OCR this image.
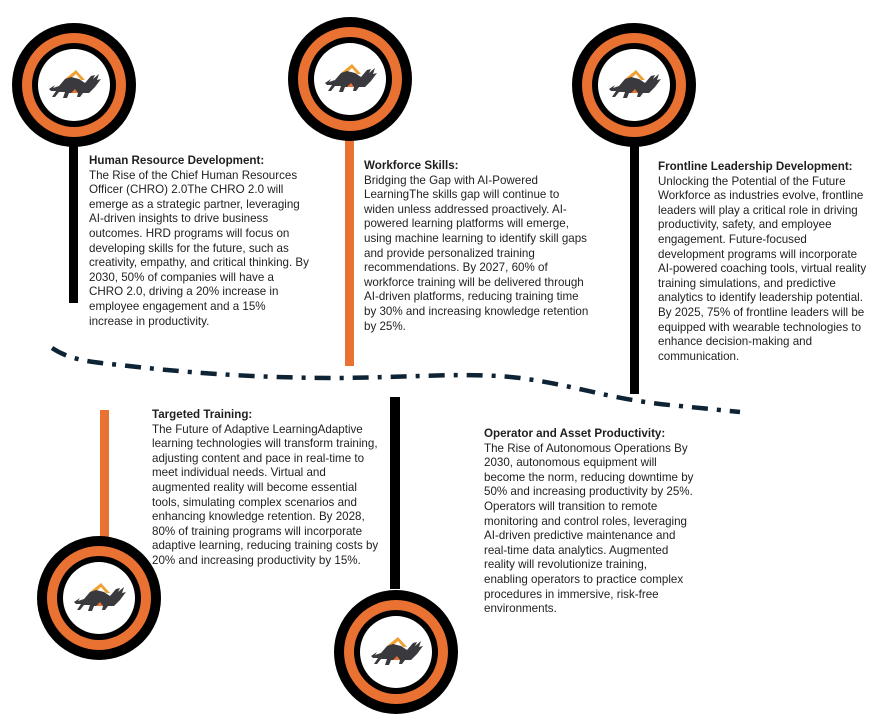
Human Resource Development:
The Rise of the Chief Human Resources Officer (CHRO) 2.0The CHRO 2.0 will emerge as a strategic partner, leveraging AI-driven insights to drive business outcomes. HRD programs will focus on developing skills for the future, such as creativity, empathy, and critical thinking. By 2030, 50% of companies will have a CHRO 2.0, driving a 20% increase in employee engagement and a 15% increase in productivity.
Workforce Skills:
Bridging the Gap with AI-Powered LearningThe skills gap will continue to widen unless addressed proactively. AI-powered learning platforms will emerge, using machine learning to identify skill gaps and provide personalized training recommendations. By 2027, 60% of workforce training will be delivered through AI-driven platforms, reducing training time by 30% and increasing knowledge retention by 25%.
Frontline Leadership Development:
Unlocking the Potential of the Future Workforce as industries evolve, frontline leaders will play a critical role in driving productivity, safety, and employee engagement. Future-focused development programs will incorporate AI-powered coaching tools, virtual reality training simulations, and predictive analytics to identify leadership potential. By 2025, 75% of frontline leaders will be equipped with wearable technologies to enhance decision-making and communication.
Targeted Training:
The Future of Adaptive LearningAdaptive learning technologies will transform training, adjusting content and pace in real-time to meet individual needs. Virtual and augmented reality will become essential tools, simulating complex scenarios and enhancing knowledge retention. By 2028, 80% of training programs will incorporate adaptive learning, reducing training costs by 20% and increasing productivity by 15%.
Operator and Asset Productivity:
The Rise of Autonomous Operations By 2030, autonomous equipment will become the norm, reducing downtime by 50% and increasing productivity by 25%. Operators will transition to remote monitoring and control roles, leveraging AI-driven predictive maintenance and real-time data analytics. Augmented reality will revolutionize training, enabling operators to practice complex procedures in immersive, risk-free environments.
